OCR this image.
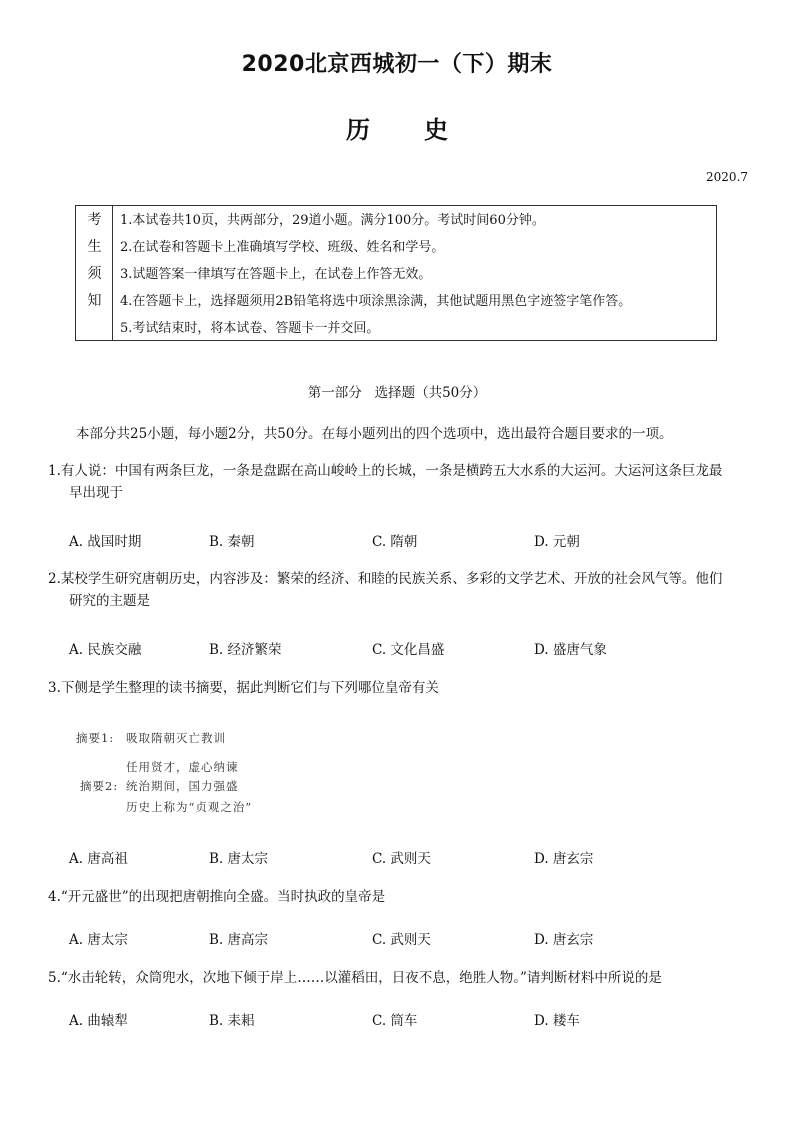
2020北京西城初一（下）期末
历史
2020.7
考
生
须
知
1.本试卷共10页，共两部分，29道小题。满分100分。考试时间60分钟。
2.在试卷和答题卡上准确填写学校、班级、姓名和学号。
3.试题答案一律填写在答题卡上，在试卷上作答无效。
4.在答题卡上，选择题须用2B铅笔将选中项涂黑涂满，其他试题用黑色字迹签字笔作答。
5.考试结束时，将本试卷、答题卡一并交回。
第一部分   选择题（共50分）
本部分共25小题，每小题2分，共50分。在每小题列出的四个选项中，选出最符合题目要求的一项。
1.有人说：中国有两条巨龙，一条是盘踞在高山峻岭上的长城，一条是横跨五大水系的大运河。大运河这条巨龙最
早出现于
A. 战国时期	B. 秦朝	C. 隋朝	D. 元朝
2.某校学生研究唐朝历史，内容涉及：繁荣的经济、和睦的民族关系、多彩的文学艺术、开放的社会风气等。他们
研究的主题是
A. 民族交融	B. 经济繁荣	C. 文化昌盛	D. 盛唐气象
3.下侧是学生整理的读书摘要，据此判断它们与下列哪位皇帝有关
摘要1: 吸取隋朝灭亡教训
任用贤才，虚心纳谏
摘要2: 统治期间，国力强盛
历史上称为“贞观之治”
A. 唐高祖	B. 唐太宗	C. 武则天	D. 唐玄宗
4.“开元盛世”的出现把唐朝推向全盛。当时执政的皇帝是
A. 唐太宗	B. 唐高宗	C. 武则天	D. 唐玄宗
5.“水击轮转，众筒兜水，次地下倾于岸上……以灌稻田，日夜不息，绝胜人物。”请判断材料中所说的是
A. 曲辕犁	B. 耒耜	C. 筒车	D. 耧车
